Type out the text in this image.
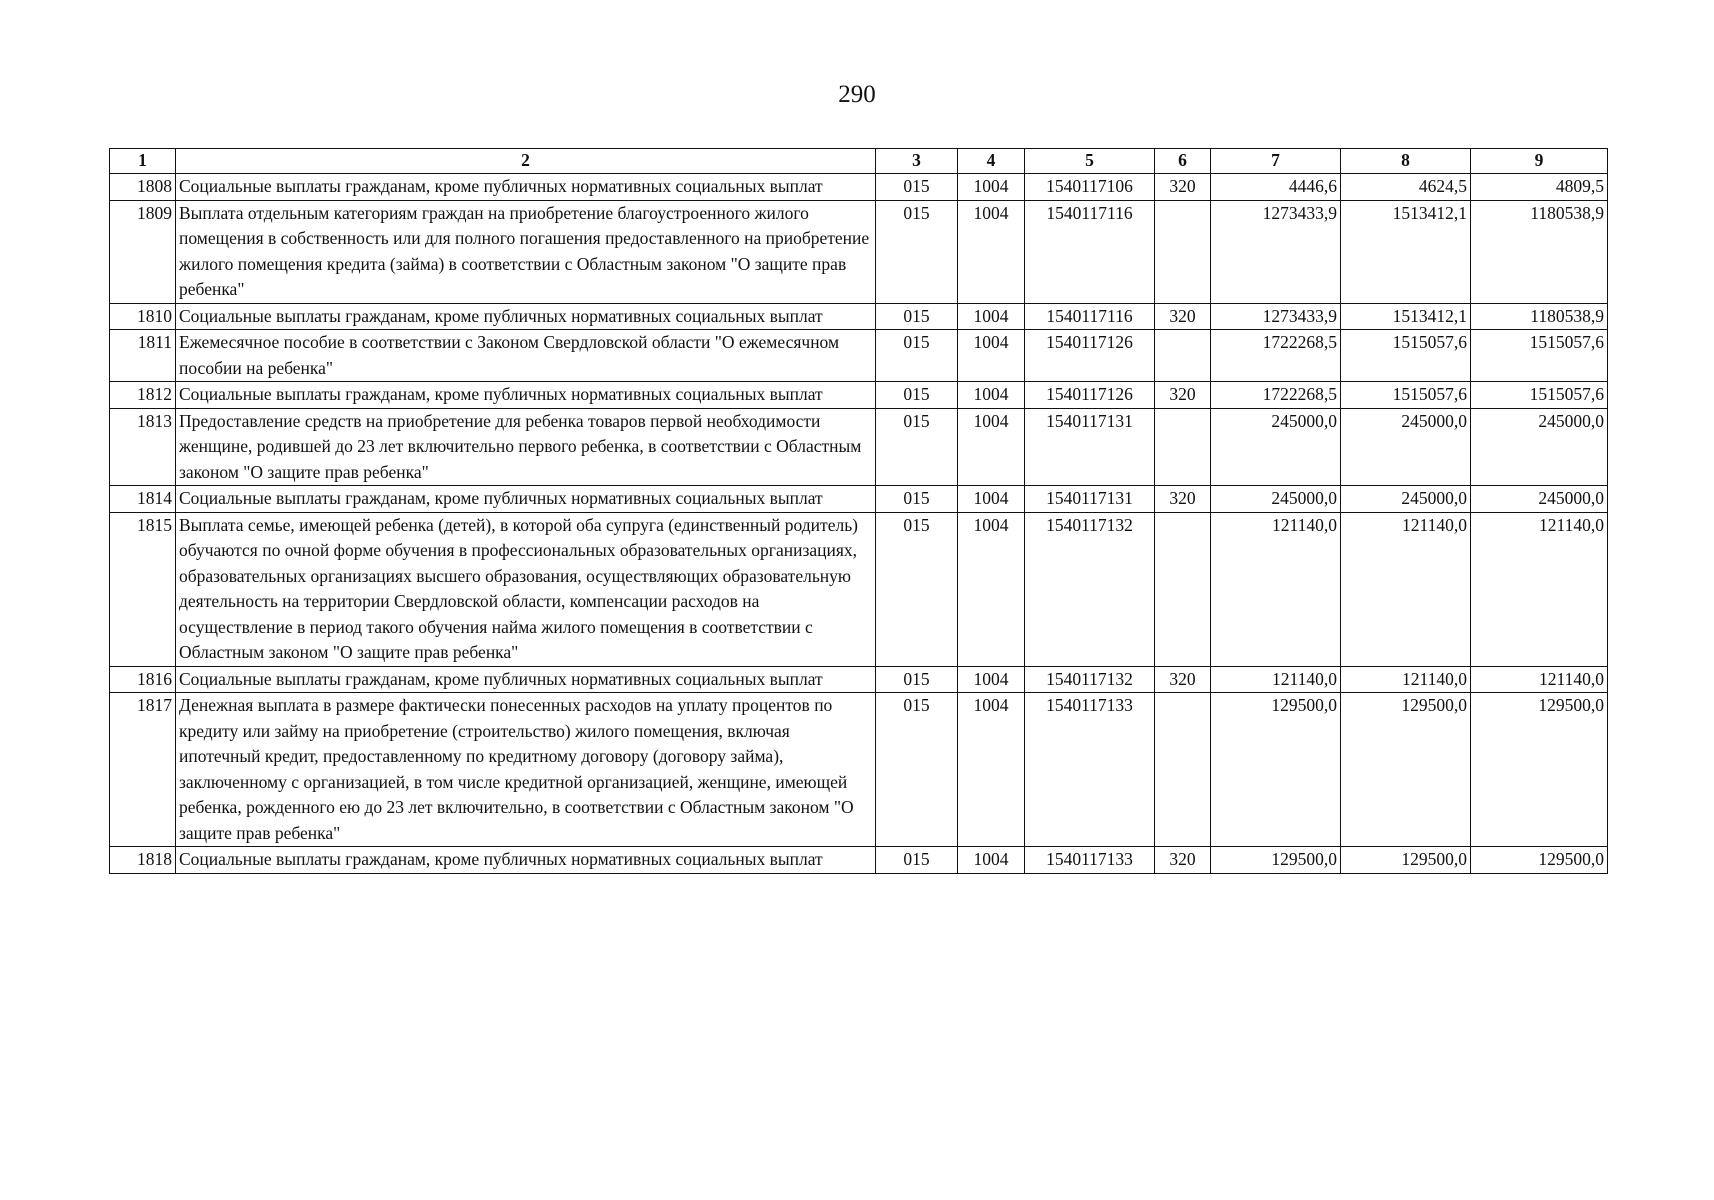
290
1	2	3	4	5	6	7	8	9
1808	Социальные выплаты гражданам, кроме публичных нормативных социальных выплат	015	1004	1540117106	320	4446,6	4624,5	4809,5
1809	Выплата отдельным категориям граждан на приобретение благоустроенного жилого помещения в собственность или для полного погашения предоставленного на приобретение жилого помещения кредита (займа) в соответствии с Областным законом "О защите прав ребенка"	015	1004	1540117116		1273433,9	1513412,1	1180538,9
1810	Социальные выплаты гражданам, кроме публичных нормативных социальных выплат	015	1004	1540117116	320	1273433,9	1513412,1	1180538,9
1811	Ежемесячное пособие в соответствии с Законом Свердловской области "О ежемесячном пособии на ребенка"	015	1004	1540117126		1722268,5	1515057,6	1515057,6
1812	Социальные выплаты гражданам, кроме публичных нормативных социальных выплат	015	1004	1540117126	320	1722268,5	1515057,6	1515057,6
1813	Предоставление средств на приобретение для ребенка товаров первой необходимости женщине, родившей до 23 лет включительно первого ребенка, в соответствии с Областным законом "О защите прав ребенка"	015	1004	1540117131		245000,0	245000,0	245000,0
1814	Социальные выплаты гражданам, кроме публичных нормативных социальных выплат	015	1004	1540117131	320	245000,0	245000,0	245000,0
1815	Выплата семье, имеющей ребенка (детей), в которой оба супруга (единственный родитель) обучаются по очной форме обучения в профессиональных образовательных организациях, образовательных организациях высшего образования, осуществляющих образовательную деятельность на территории Свердловской области, компенсации расходов на осуществление в период такого обучения найма жилого помещения в соответствии с Областным законом "О защите прав ребенка"	015	1004	1540117132		121140,0	121140,0	121140,0
1816	Социальные выплаты гражданам, кроме публичных нормативных социальных выплат	015	1004	1540117132	320	121140,0	121140,0	121140,0
1817	Денежная выплата в размере фактически понесенных расходов на уплату процентов по кредиту или займу на приобретение (строительство) жилого помещения, включая ипотечный кредит, предоставленному по кредитному договору (договору займа), заключенному с организацией, в том числе кредитной организацией, женщине, имеющей ребенка, рожденного ею до 23 лет включительно, в соответствии с Областным законом "О защите прав ребенка"	015	1004	1540117133		129500,0	129500,0	129500,0
1818	Социальные выплаты гражданам, кроме публичных нормативных социальных выплат	015	1004	1540117133	320	129500,0	129500,0	129500,0
